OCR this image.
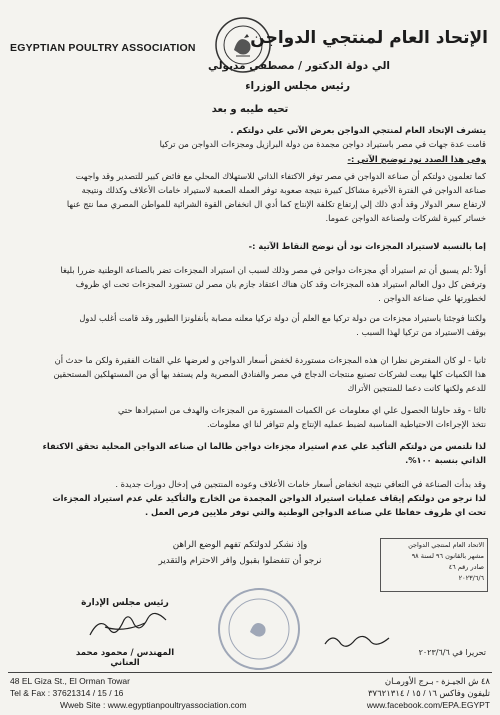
EGYPTIAN POULTRY ASSOCIATION	الإتحاد العام لمنتجي الدواجن
الي دولة الدكتور / مصطفي مدبولي
رئيس مجلس الوزراء
تحيه طيبه و بعد
يتشرف الإتحاد العام لمنتجي الدواجن بعرض الآتي علي دولتكم .
قامت عدة جهات في مصر باستيراد دواجن مجمدة من دولة البرازيل ومجزءات الدواجن من تركيا
وفي هذا الصدد نود توضيح الآتي :-
كما تعلمون دولتكم أن صناعة الدواجن في مصر توفر الاكتفاء الذاتي للاستهلاك المحلي مع فائض كبير للتصدير وقد واجهت
صناعة الدواجن في الفترة الأخيرة مشاكل كبيرة نتيجة صعوبة توفر العملة الصعبة لاستيراد خامات الأعلاف وكذلك ونتيجة
لارتفاع سعر الدولار وقد أدي ذلك إلي إرتفاع تكلفة الإنتاج كما أدي ال انخفاض القوة الشرائية للمواطن المصري مما نتج عنها
خسائر كبيرة لشركات ولصناعة الدواجن عموما.
إما بالنسبة لاستيراد المجزءات نود أن نوضح النقاط الآتية :-
أولاً :لم يسبق أن تم استيراد أي مجزءات دواجن في مصر وذلك لسبب ان استيراد المجزءات تضر بالصناعة الوطنية ضررا بليغا
وترفض كل دول العالم استيراد هذه المجزءات وقد كان هناك اعتقاد جازم بان مصر لن تستورد المجزءات تحت اي ظروف
لخطورتها علي صناعة الدواجن .
ولكننا فوجئنا باستيراد مجزءات من دولة تركيا مع العلم أن دولة تركيا معلنه مصابة بأنفلونزا الطيور وقد قامت أغلب لدول
بوقف الاستيراد من تركيا لهذا السبب .
ثانيا - لو كان المفترض نظرا ان هذه المجزءات مستوردة لخفض أسعار الدواجن و لعرضها علي الفئات الفقيرة ولكن ما حدث أن
هذا الكميات كلها بيعت لشركات تصنيع منتجات الدجاج في مصر والفنادق المصرية ولم يستفد بها أي من المستهلكين المستحقين
للدعم ولكنها كانت دعما للمنتجين الأتراك
ثالثا - وقد حاولنا الحصول علي اي معلومات عن الكميات المستورة من المجزءات والهدف من استيرادها حتي
نتخذ الإجراءات الاحتياطية المناسبة لضبط عمليه الإنتاج ولم تتوافر لنا اي معلومات.
لذا نلتمس من دولتكم التأكيد علي عدم استيراد مجزءات دواجن طالما ان صناعه الدواجن المحلية تحقق الاكتفاء
الذاتي بنسبة ١٠٠%.
وقد بدأت الصناعة في التعافي نتيجة انخفاض أسعار خامات الأعلاف وعوده المنتجين في إدخال دورات جديدة .
لذا نرجو من دولتكم إيقاف عمليات استيراد الدواجن المجمدة من الخارج والتأكيد علي عدم استيراد المجزءات
تحت اي ظروف حفاظا علي صناعة الدواجن الوطنية والتي توفر ملايين فرص العمل .
الاتحاد العام لمنتجي الدواجن
مشهر بالقانون ٩٦ لسنة ٩٨
صادر رقم ٤٦
٢٠٢٣/٦/٦
وإذ نشكر لدولتكم تفهم الوضع الراهن
نرجو أن تتفضلوا بقبول وافر الاحترام والتقدير
رئيس مجلس الإدارة
المهندس / محمود محمد العناني
تحريرا في ٢٠٢٣/٦/٦
48 EL Giza St., El Orman Towar
Tel & Fax : 37621314 / 15 / 16
Wweb Site : www.egyptianpoultryassociation.com
٤٨ ش الجيـزة - بـرج الأورمـان
تليفون وفاكس ١٦ / ١٥ / ٣٧٦٢١٣١٤
www.facebook.com/EPA.EGYPT
